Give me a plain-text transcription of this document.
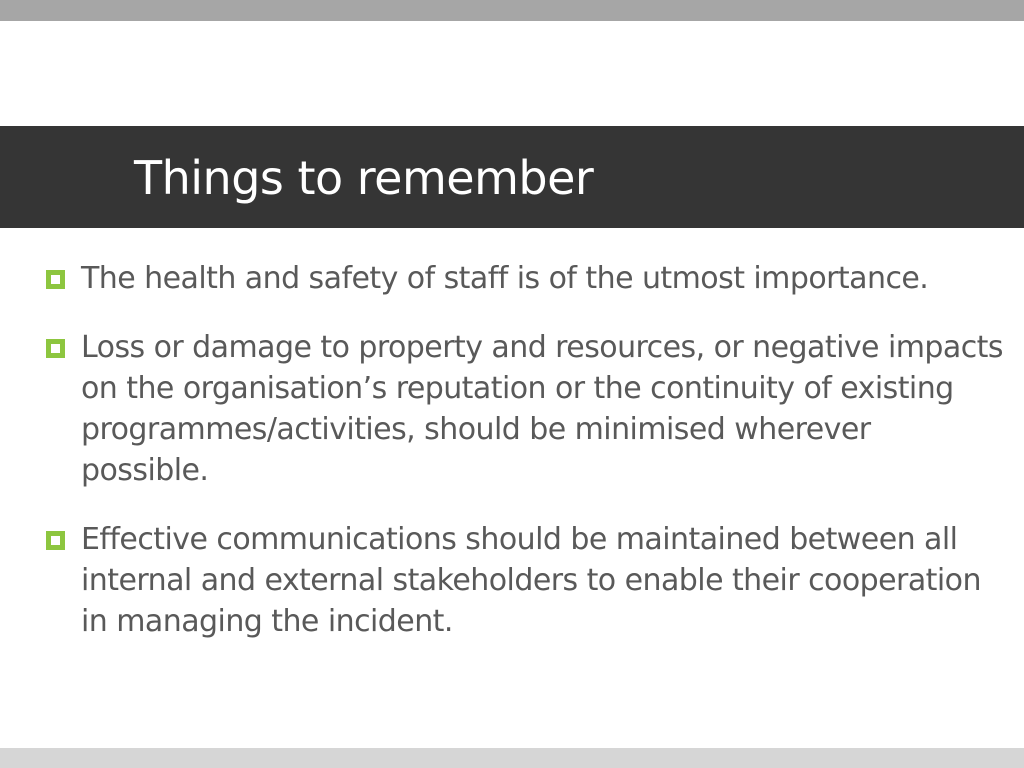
Things to remember
The health and safety of staff is of the utmost importance.
Loss or damage to property and resources, or negative impacts on the organisation’s reputation or the continuity of existing programmes/activities, should be minimised wherever possible.
Effective communications should be maintained between all internal and external stakeholders to enable their cooperation in managing the incident.
